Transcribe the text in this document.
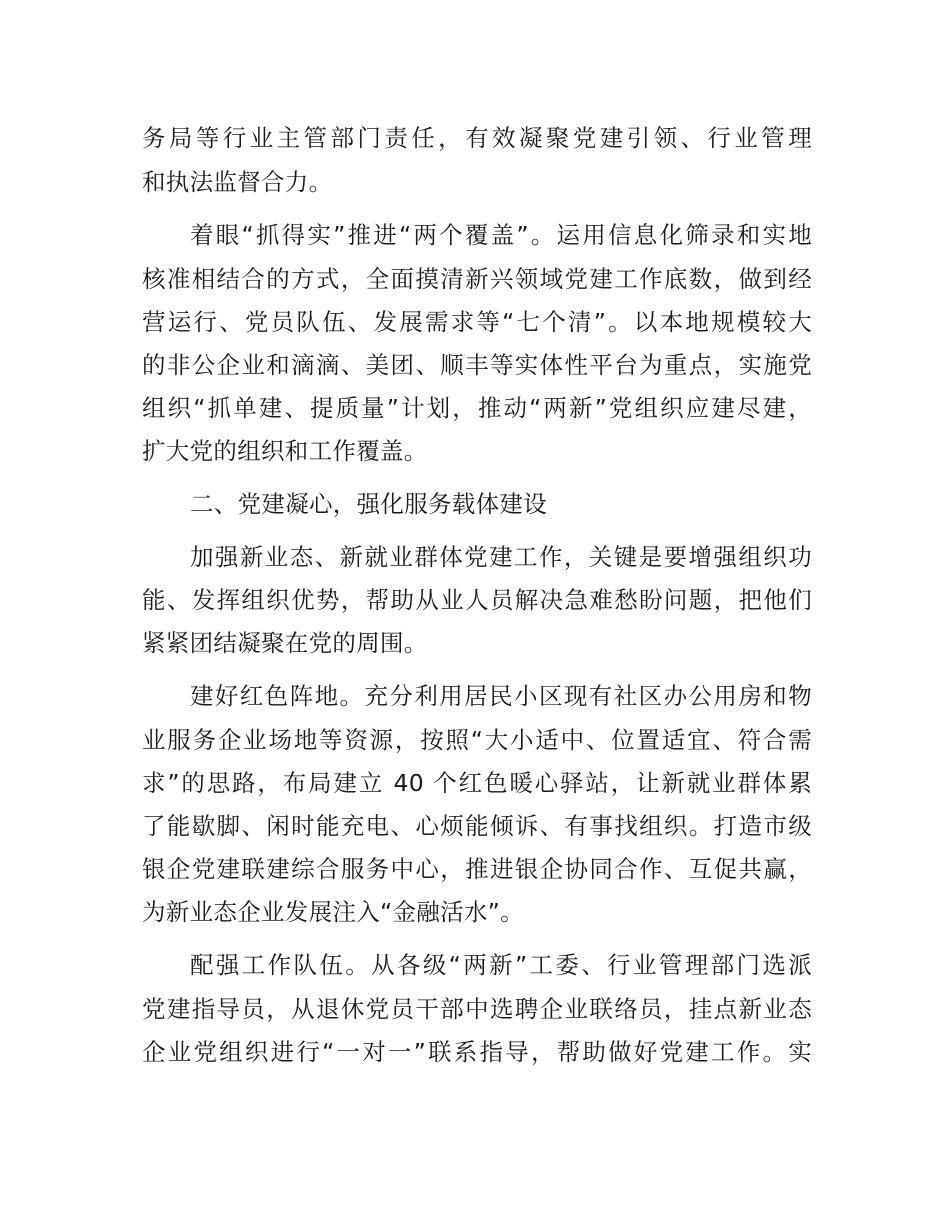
务局等行业主管部门责任，有效凝聚党建引领、行业管理
和执法监督合力。
着眼“抓得实”推进“两个覆盖”。运用信息化筛录和实地
核准相结合的方式，全面摸清新兴领域党建工作底数，做到经
营运行、党员队伍、发展需求等“七个清”。以本地规模较大
的非公企业和滴滴、美团、顺丰等实体性平台为重点，实施党
组织“抓单建、提质量”计划，推动“两新”党组织应建尽建，
扩大党的组织和工作覆盖。
二、党建凝心，强化服务载体建设
加强新业态、新就业群体党建工作，关键是要增强组织功
能、发挥组织优势，帮助从业人员解决急难愁盼问题，把他们
紧紧团结凝聚在党的周围。
建好红色阵地。充分利用居民小区现有社区办公用房和物
业服务企业场地等资源，按照“大小适中、位置适宜、符合需
求”的思路，布局建立 40 个红色暖心驿站，让新就业群体累
了能歇脚、闲时能充电、心烦能倾诉、有事找组织。打造市级
银企党建联建综合服务中心，推进银企协同合作、互促共赢，
为新业态企业发展注入“金融活水”。
配强工作队伍。从各级“两新”工委、行业管理部门选派
党建指导员，从退休党员干部中选聘企业联络员，挂点新业态
企业党组织进行“一对一”联系指导，帮助做好党建工作。实
